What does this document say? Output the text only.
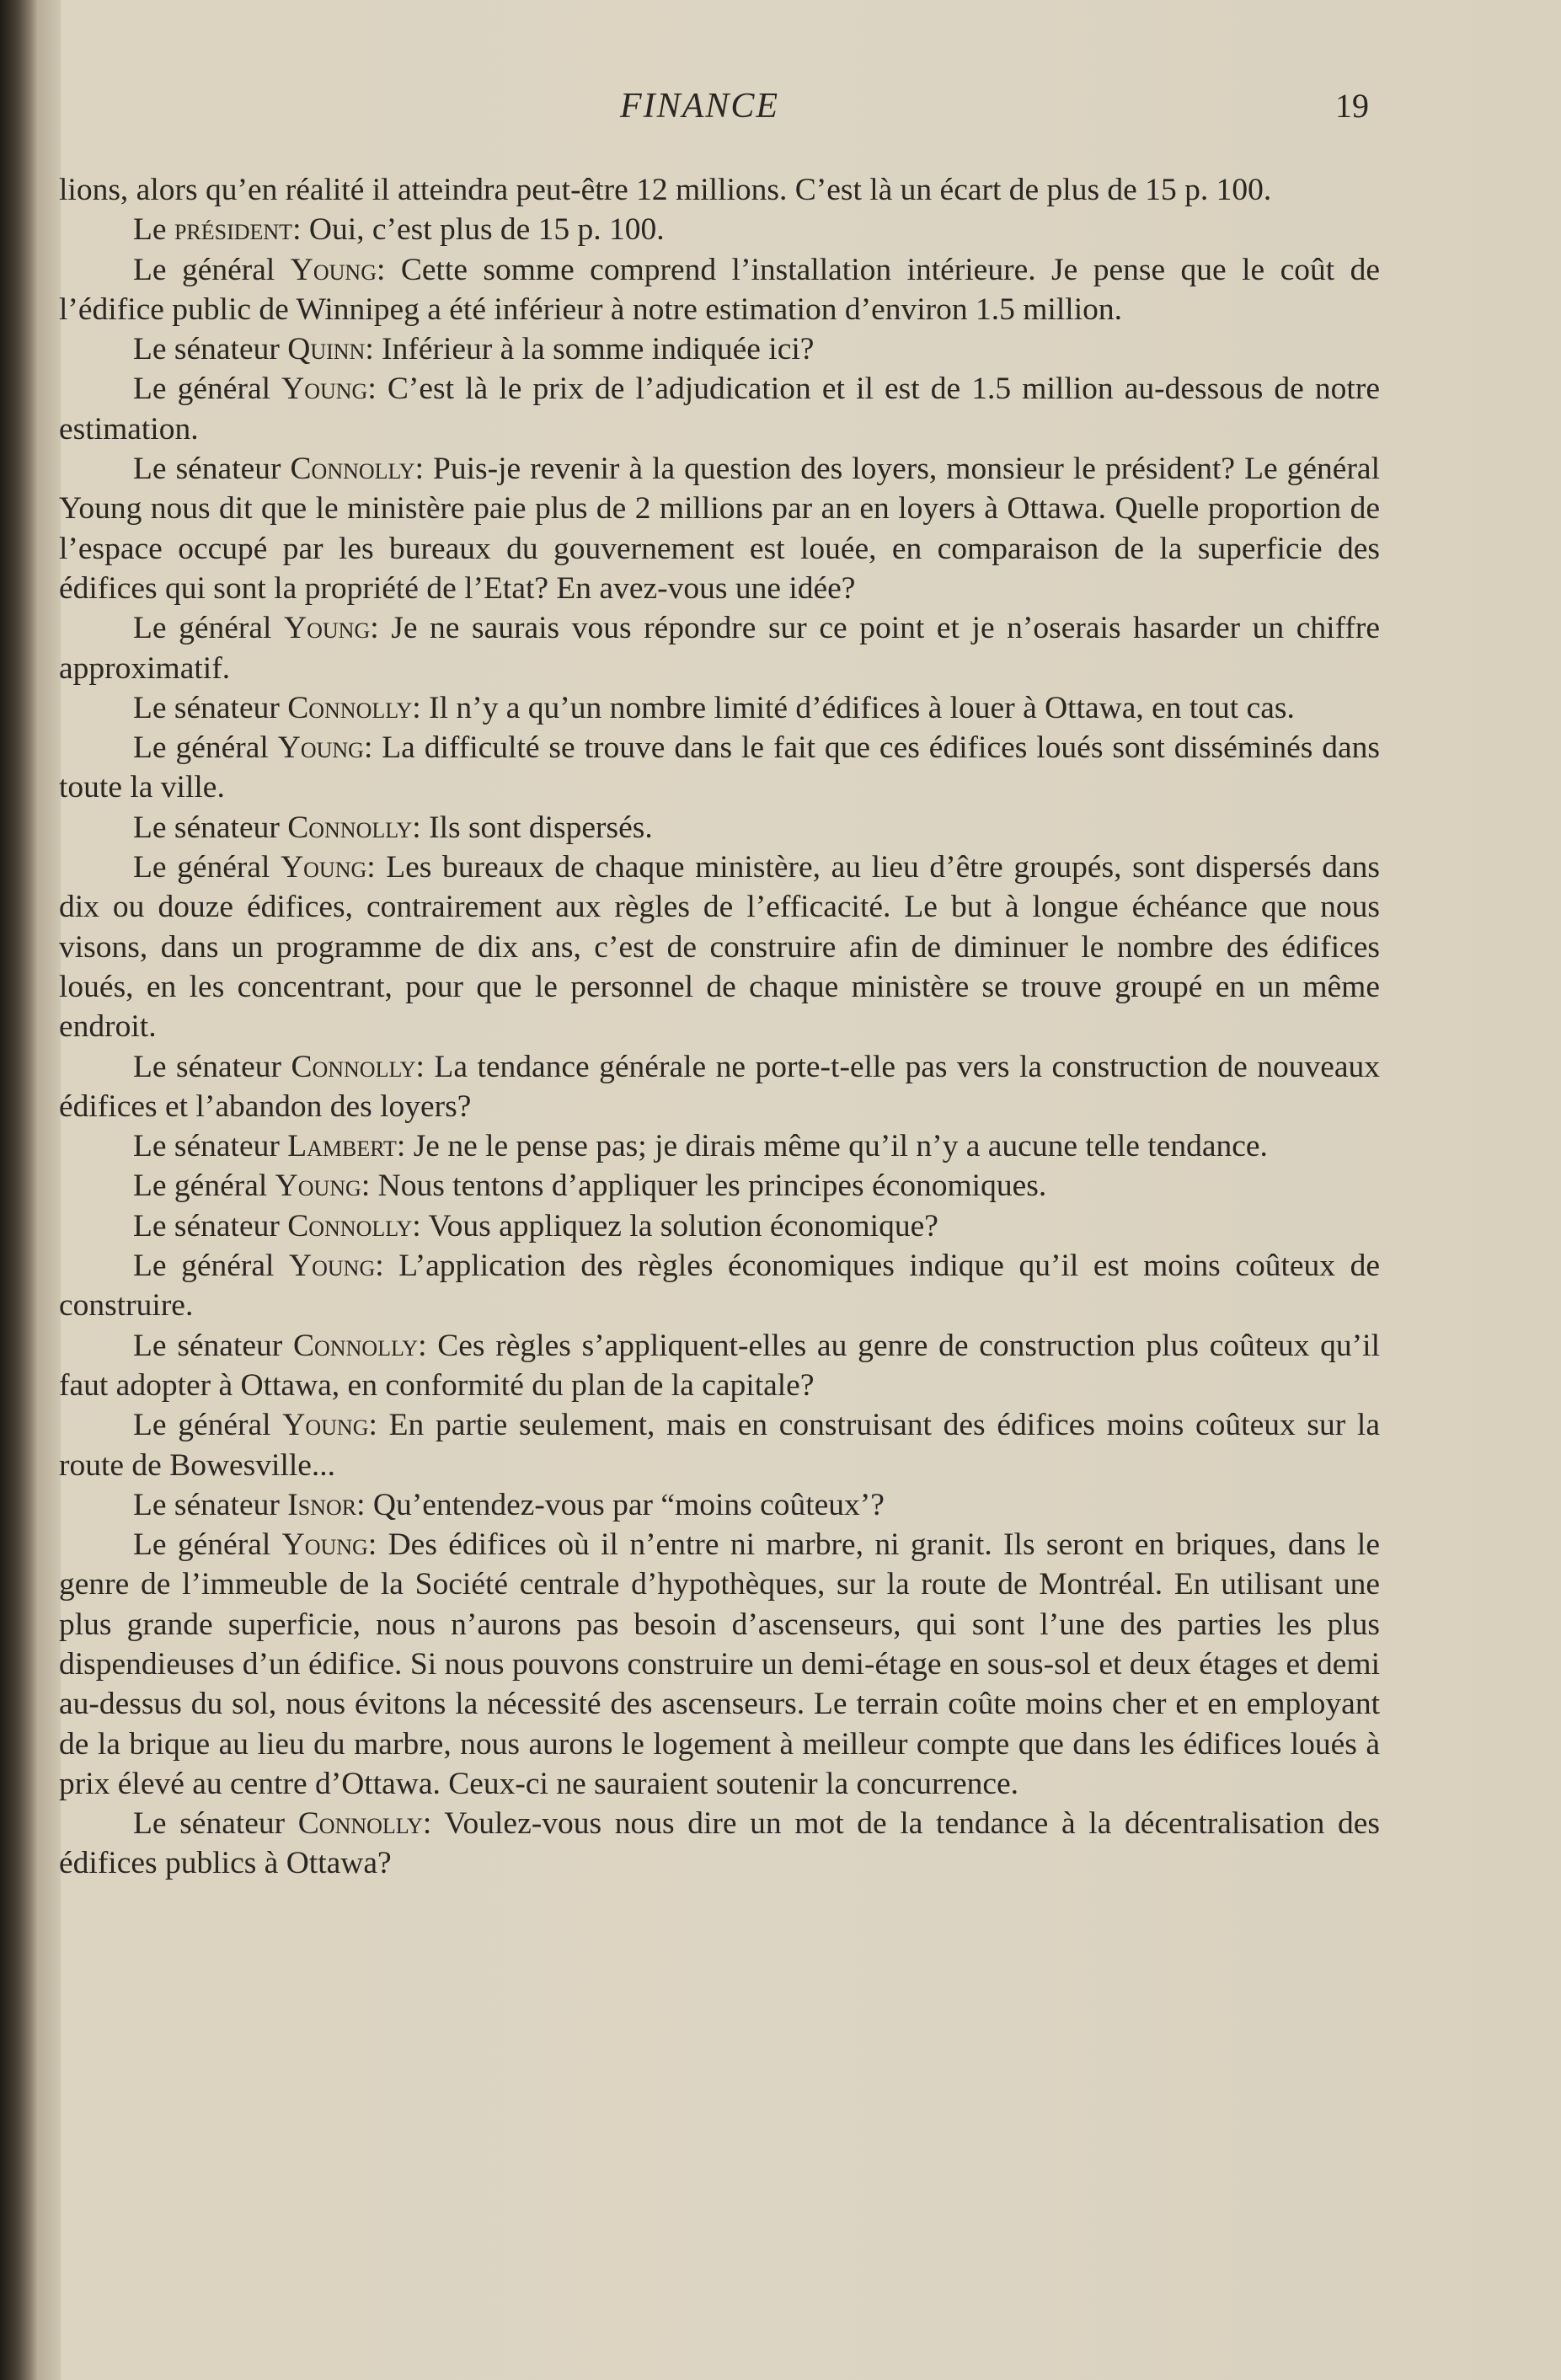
FINANCE	19

lions, alors qu’en réalité il atteindra peut-être 12 millions. C’est là un écart de plus de 15 p. 100.

Le président: Oui, c’est plus de 15 p. 100.

Le général Young: Cette somme comprend l’installation intérieure. Je pense que le coût de l’édifice public de Winnipeg a été inférieur à notre estimation d’environ 1.5 million.

Le sénateur Quinn: Inférieur à la somme indiquée ici?

Le général Young: C’est là le prix de l’adjudication et il est de 1.5 million au-dessous de notre estimation.

Le sénateur Connolly: Puis-je revenir à la question des loyers, monsieur le président? Le général Young nous dit que le ministère paie plus de 2 millions par an en loyers à Ottawa. Quelle proportion de l’espace occupé par les bureaux du gouvernement est louée, en comparaison de la superficie des édifices qui sont la propriété de l’Etat? En avez-vous une idée?

Le général Young: Je ne saurais vous répondre sur ce point et je n’oserais hasarder un chiffre approximatif.

Le sénateur Connolly: Il n’y a qu’un nombre limité d’édifices à louer à Ottawa, en tout cas.

Le général Young: La difficulté se trouve dans le fait que ces édifices loués sont disséminés dans toute la ville.

Le sénateur Connolly: Ils sont dispersés.

Le général Young: Les bureaux de chaque ministère, au lieu d’être groupés, sont dispersés dans dix ou douze édifices, contrairement aux règles de l’efficacité. Le but à longue échéance que nous visons, dans un programme de dix ans, c’est de construire afin de diminuer le nombre des édifices loués, en les concentrant, pour que le personnel de chaque ministère se trouve groupé en un même endroit.

Le sénateur Connolly: La tendance générale ne porte-t-elle pas vers la construction de nouveaux édifices et l’abandon des loyers?

Le sénateur Lambert: Je ne le pense pas; je dirais même qu’il n’y a aucune telle tendance.

Le général Young: Nous tentons d’appliquer les principes économiques.

Le sénateur Connolly: Vous appliquez la solution économique?

Le général Young: L’application des règles économiques indique qu’il est moins coûteux de construire.

Le sénateur Connolly: Ces règles s’appliquent-elles au genre de construction plus coûteux qu’il faut adopter à Ottawa, en conformité du plan de la capitale?

Le général Young: En partie seulement, mais en construisant des édifices moins coûteux sur la route de Bowesville...

Le sénateur Isnor: Qu’entendez-vous par “moins coûteux’?

Le général Young: Des édifices où il n’entre ni marbre, ni granit. Ils seront en briques, dans le genre de l’immeuble de la Société centrale d’hypothèques, sur la route de Montréal. En utilisant une plus grande superficie, nous n’aurons pas besoin d’ascenseurs, qui sont l’une des parties les plus dispendieuses d’un édifice. Si nous pouvons construire un demi-étage en sous-sol et deux étages et demi au-dessus du sol, nous évitons la nécessité des ascenseurs. Le terrain coûte moins cher et en employant de la brique au lieu du marbre, nous aurons le logement à meilleur compte que dans les édifices loués à prix élevé au centre d’Ottawa. Ceux-ci ne sauraient soutenir la concurrence.

Le sénateur Connolly: Voulez-vous nous dire un mot de la tendance à la décentralisation des édifices publics à Ottawa?
